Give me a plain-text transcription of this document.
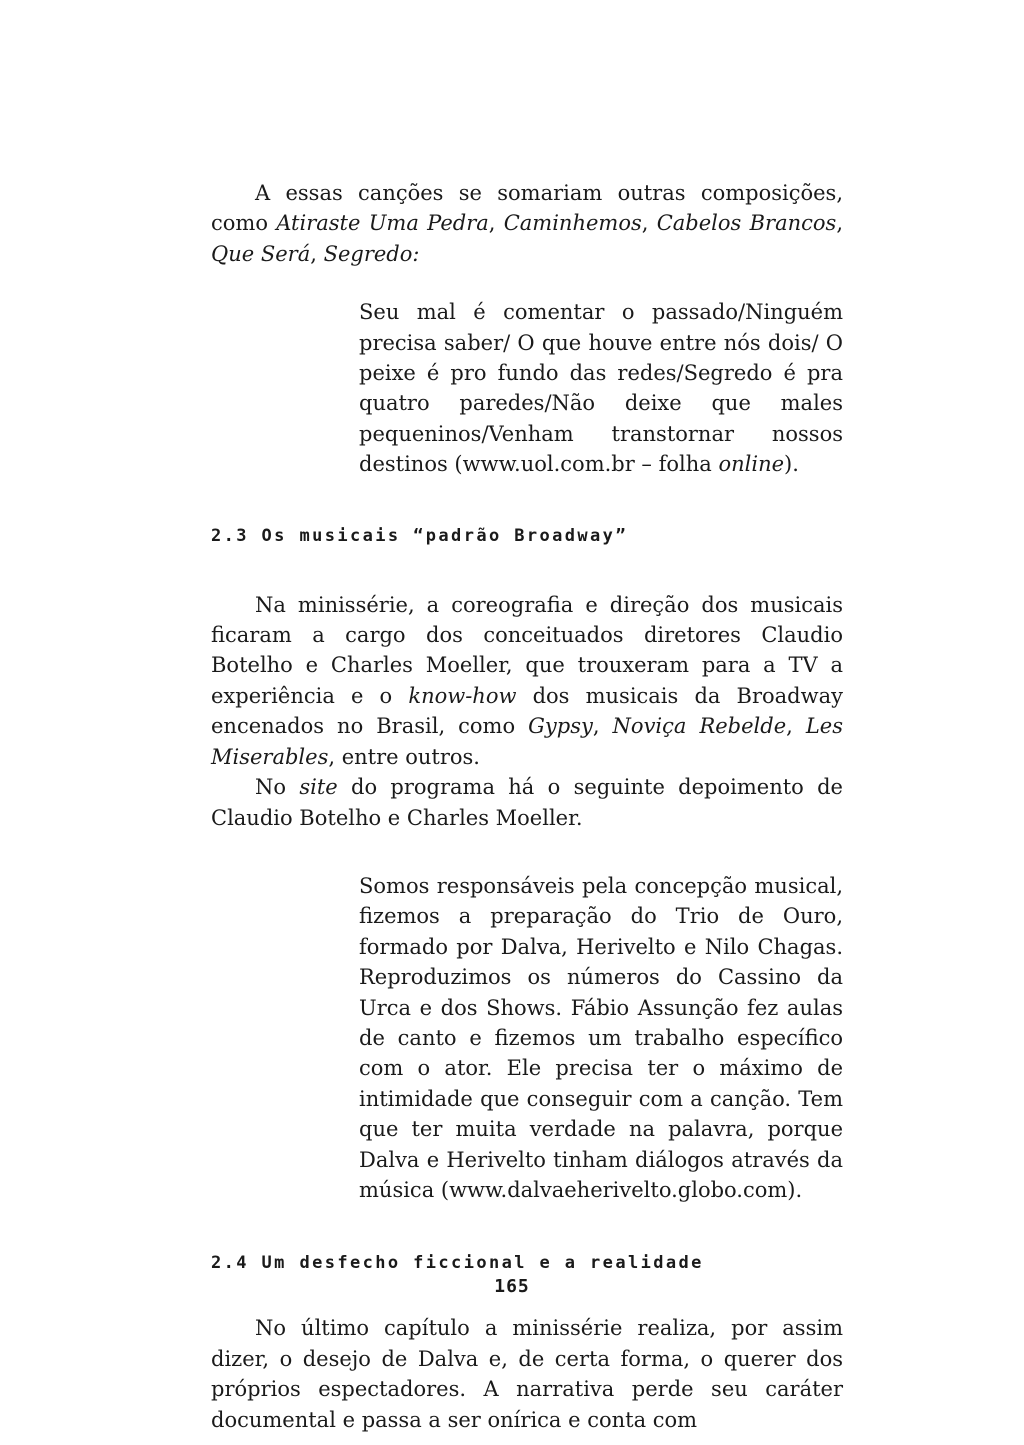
A essas canções se somariam outras composições, como Atiraste Uma Pedra, Caminhemos, Cabelos Brancos, Que Será, Segredo:

Seu mal é comentar o passado/Ninguém precisa saber/ O que houve entre nós dois/ O peixe é pro fundo das redes/Segredo é pra quatro paredes/Não deixe que males pequeninos/Venham transtornar nossos destinos (www.uol.com.br – folha online).

2.3 Os musicais “padrão Broadway”

Na minissérie, a coreografia e direção dos musicais ficaram a cargo dos conceituados diretores Claudio Botelho e Charles Moeller, que trouxeram para a TV a experiência e o know-how dos musicais da Broadway encenados no Brasil, como Gypsy, Noviça Rebelde, Les Miserables, entre outros.

No site do programa há o seguinte depoimento de Claudio Botelho e Charles Moeller.

Somos responsáveis pela concepção musical, fizemos a preparação do Trio de Ouro, formado por Dalva, Herivelto e Nilo Chagas. Reproduzimos os números do Cassino da Urca e dos Shows. Fábio Assunção fez aulas de canto e fizemos um trabalho específico com o ator. Ele precisa ter o máximo de intimidade que conseguir com a canção. Tem que ter muita verdade na palavra, porque Dalva e Herivelto tinham diálogos através da música (www.dalvaeherivelto.globo.com).

2.4 Um desfecho ficcional e a realidade

No último capítulo a minissérie realiza, por assim dizer, o desejo de Dalva e, de certa forma, o querer dos próprios espectadores. A narrativa perde seu caráter documental e passa a ser onírica e conta com

165
